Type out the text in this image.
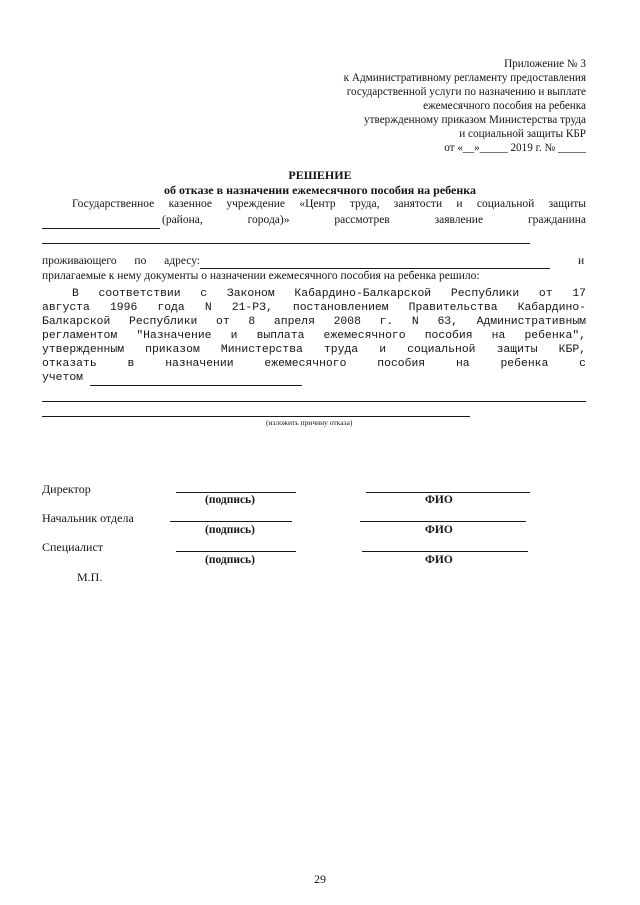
Приложение № 3
к Административному регламенту предоставления
государственной услуги по назначению и выплате
ежемесячного пособия на ребенка
утвержденному приказом Министерства труда
и социальной защиты КБР
от «__»_____ 2019 г. № _____
РЕШЕНИЕ
об отказе в назначении ежемесячного пособия на ребенка
Государственное казенное учреждение «Центр труда, занятости и социальной защиты
(района,	города)»	рассмотрев	заявление	гражданина
проживающего по адресу:	и
прилагаемые к нему документы о назначении ежемесячного пособия на ребенка решило:
В соответствии с Законом Кабардино-Балкарской Республики от 17
августа 1996 года N 21-РЗ, постановлением Правительства Кабардино-
Балкарской Республики от 8 апреля 2008 г. N 63, Административным
регламентом "Назначение и выплата ежемесячного пособия на ребенка",
утвержденным приказом Министерства труда и социальной защиты КБР,
отказать в назначении ежемесячного пособия на ребенка с
учетом
(изложить причину отказа)
Директор
(подпись)	ФИО
Начальник отдела
(подпись)	ФИО
Специалист
(подпись)	ФИО
М.П.
29
